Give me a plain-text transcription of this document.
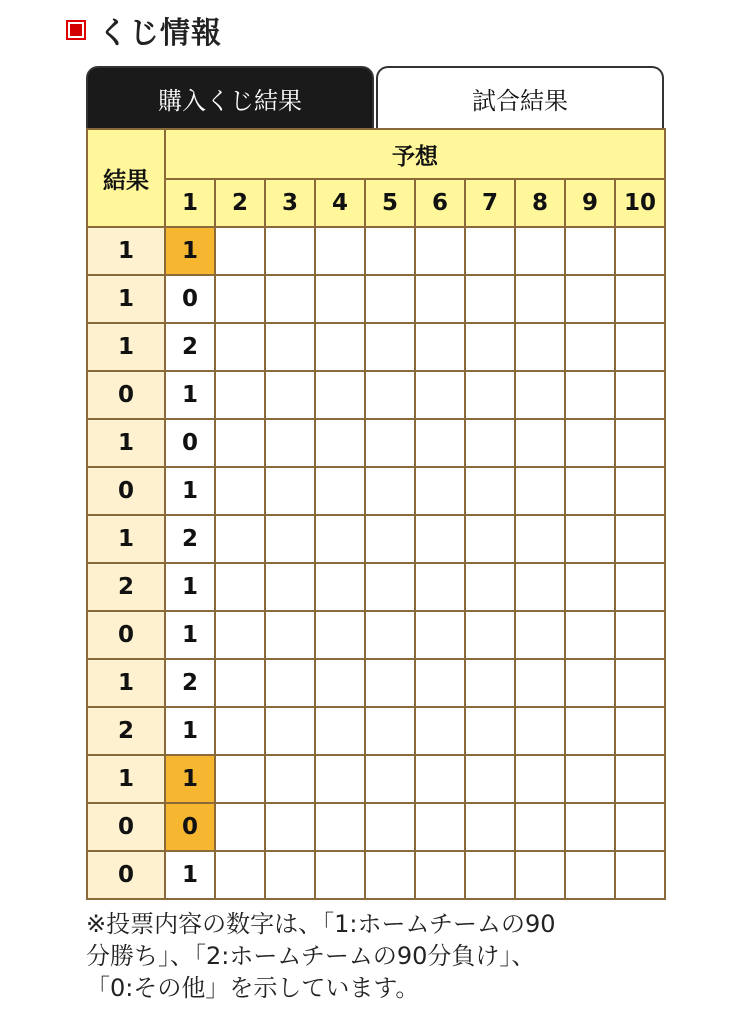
くじ情報
購入くじ結果	試合結果
結果	予想									
	1	2	3	4	5	6	7	8	9	10
1	1									
1	0									
1	2									
0	1									
1	0									
0	1									
1	2									
2	1									
0	1									
1	2									
2	1									
1	1									
0	0									
0	1									
※投票内容の数字は、「1:ホームチームの90
分勝ち」、「2:ホームチームの90分負け」、
「0:その他」を示しています。
